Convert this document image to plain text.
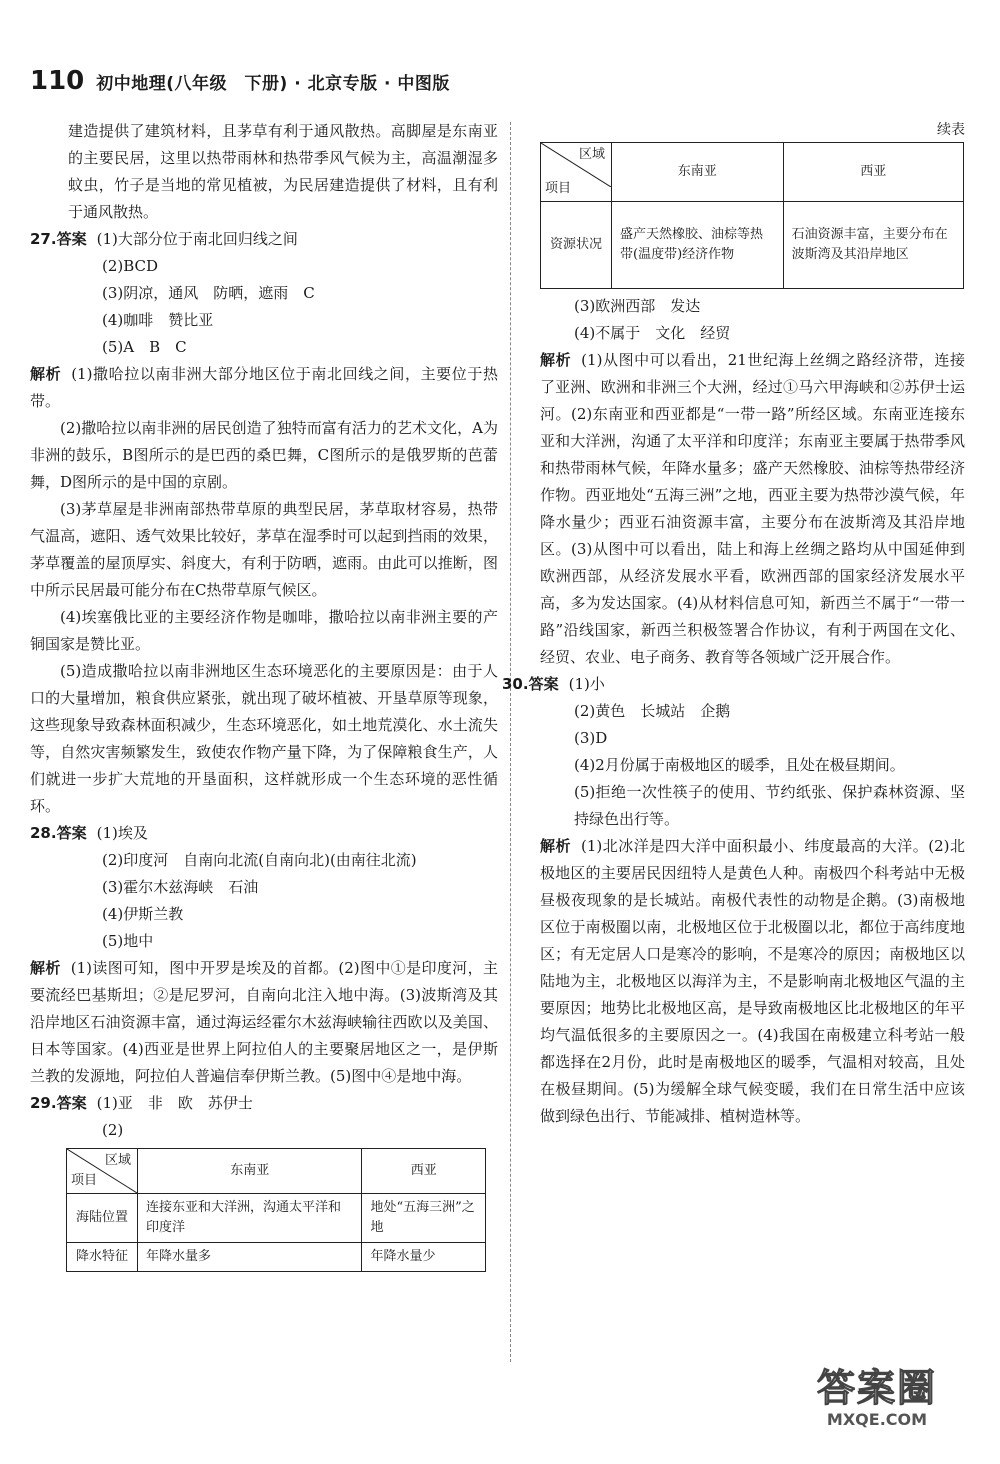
110 初中地理(八年级　下册) · 北京专版 · 中图版

建造提供了建筑材料，且茅草有利于通风散热。高脚屋是东南亚的主要民居，这里以热带雨林和热带季风气候为主，高温潮湿多蚊虫，竹子是当地的常见植被，为民居建造提供了材料，且有利于通风散热。

27.答案 (1)大部分位于南北回归线之间

(2)BCD

(3)阴凉，通风　防晒，遮雨　C

(4)咖啡　赞比亚

(5)A　B　C

解析 (1)撒哈拉以南非洲大部分地区位于南北回线之间，主要位于热带。

(2)撒哈拉以南非洲的居民创造了独特而富有活力的艺术文化，A为非洲的鼓乐，B图所示的是巴西的桑巴舞，C图所示的是俄罗斯的芭蕾舞，D图所示的是中国的京剧。

(3)茅草屋是非洲南部热带草原的典型民居，茅草取材容易，热带气温高，遮阳、透气效果比较好，茅草在湿季时可以起到挡雨的效果，茅草覆盖的屋顶厚实、斜度大，有利于防晒，遮雨。由此可以推断，图中所示民居最可能分布在C热带草原气候区。

(4)埃塞俄比亚的主要经济作物是咖啡，撒哈拉以南非洲主要的产铜国家是赞比亚。

(5)造成撒哈拉以南非洲地区生态环境恶化的主要原因是：由于人口的大量增加，粮食供应紧张，就出现了破坏植被、开垦草原等现象，这些现象导致森林面积减少，生态环境恶化，如土地荒漠化、水土流失等，自然灾害频繁发生，致使农作物产量下降，为了保障粮食生产，人们就进一步扩大荒地的开垦面积，这样就形成一个生态环境的恶性循环。

28.答案 (1)埃及

(2)印度河　自南向北流(自南向北)(由南往北流)

(3)霍尔木兹海峡　石油

(4)伊斯兰教

(5)地中

解析 (1)读图可知，图中开罗是埃及的首都。(2)图中①是印度河，主要流经巴基斯坦；②是尼罗河，自南向北注入地中海。(3)波斯湾及其沿岸地区石油资源丰富，通过海运经霍尔木兹海峡输往西欧以及美国、日本等国家。(4)西亚是世界上阿拉伯人的主要聚居地区之一，是伊斯兰教的发源地，阿拉伯人普遍信奉伊斯兰教。(5)图中④是地中海。

29.答案 (1)亚　非　欧　苏伊士

(2)

区域
项目	东南亚	西亚
海陆位置	连接东亚和大洋洲，沟通太平洋和印度洋	地处“五海三洲”之地
降水特征	年降水量多	年降水量少

续表

区域
项目	东南亚	西亚
资源状况	盛产天然橡胶、油棕等热带(温度带)经济作物	石油资源丰富，主要分布在波斯湾及其沿岸地区

(3)欧洲西部　发达

(4)不属于　文化　经贸

解析 (1)从图中可以看出，21世纪海上丝绸之路经济带，连接了亚洲、欧洲和非洲三个大洲，经过①马六甲海峡和②苏伊士运河。(2)东南亚和西亚都是“一带一路”所经区域。东南亚连接东亚和大洋洲，沟通了太平洋和印度洋；东南亚主要属于热带季风和热带雨林气候，年降水量多；盛产天然橡胶、油棕等热带经济作物。西亚地处“五海三洲”之地，西亚主要为热带沙漠气候，年降水量少；西亚石油资源丰富，主要分布在波斯湾及其沿岸地区。(3)从图中可以看出，陆上和海上丝绸之路均从中国延伸到欧洲西部，从经济发展水平看，欧洲西部的国家经济发展水平高，多为发达国家。(4)从材料信息可知，新西兰不属于“一带一路”沿线国家，新西兰积极签署合作协议，有利于两国在文化、经贸、农业、电子商务、教育等各领域广泛开展合作。

30.答案 (1)小

(2)黄色　长城站　企鹅

(3)D

(4)2月份属于南极地区的暖季，且处在极昼期间。

(5)拒绝一次性筷子的使用、节约纸张、保护森林资源、坚持绿色出行等。

解析 (1)北冰洋是四大洋中面积最小、纬度最高的大洋。(2)北极地区的主要居民因纽特人是黄色人种。南极四个科考站中无极昼极夜现象的是长城站。南极代表性的动物是企鹅。(3)南极地区位于南极圈以南，北极地区位于北极圈以北，都位于高纬度地区；有无定居人口是寒冷的影响，不是寒冷的原因；南极地区以陆地为主，北极地区以海洋为主，不是影响南北极地区气温的主要原因；地势比北极地区高，是导致南极地区比北极地区的年平均气温低很多的主要原因之一。(4)我国在南极建立科考站一般都选择在2月份，此时是南极地区的暖季，气温相对较高，且处在极昼期间。(5)为缓解全球气候变暖，我们在日常生活中应该做到绿色出行、节能减排、植树造林等。

答案圈
MXQE.COM
